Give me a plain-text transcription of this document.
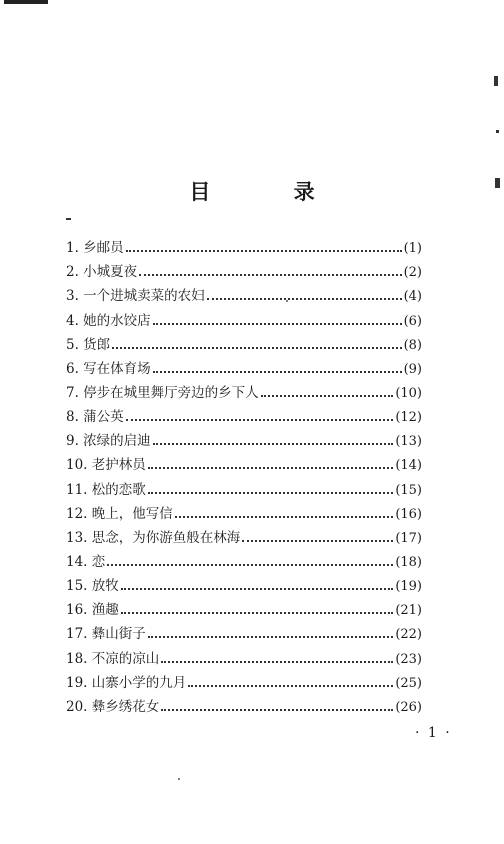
目 录
1. 乡邮员	(1)
2. 小城夏夜	(2)
3. 一个进城卖菜的农妇	(4)
4. 她的水饺店	(6)
5. 货郎	(8)
6. 写在体育场	(9)
7. 停步在城里舞厅旁边的乡下人	(10)
8. 蒲公英	(12)
9. 浓绿的启迪	(13)
10. 老护林员	(14)
11. 松的恋歌	(15)
12. 晚上，他写信	(16)
13. 思念，为你游鱼般在林海	(17)
14. 恋	(18)
15. 放牧	(19)
16. 渔趣	(21)
17. 彝山街子	(22)
18. 不凉的凉山	(23)
19. 山寨小学的九月	(25)
20. 彝乡绣花女	(26)
· 1 ·
